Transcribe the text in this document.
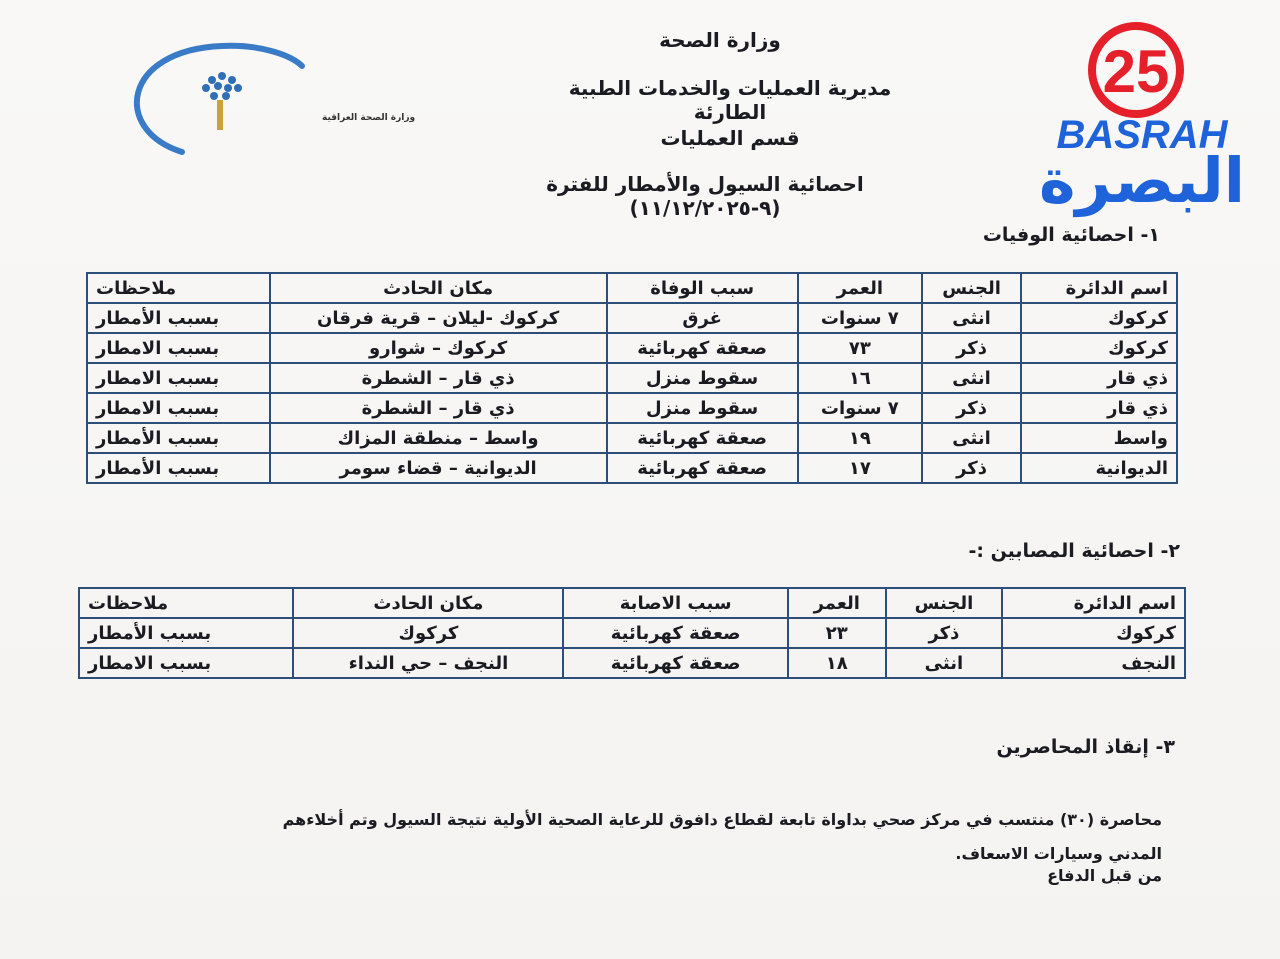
وزارة الصحة العراقية
وزارة الصحة
مديرية العمليات والخدمات الطبية الطارئة
قسم العمليات
احصائية السيول والأمطار للفترة (٩-١١/١٢/٢٠٢٥)
25
BASRAH
البصرة
١- احصائية الوفيات
اسم الدائرة	الجنس	العمر	سبب الوفاة	مكان الحادث	ملاحظات
كركوك	انثى	٧ سنوات	غرق	كركوك -ليلان – قرية فرقان	بسبب الأمطار
كركوك	ذكر	٧٣	صعقة كهربائية	كركوك – شوارو	بسبب الامطار
ذي قار	انثى	١٦	سقوط منزل	ذي قار – الشطرة	بسبب الامطار
ذي قار	ذكر	٧ سنوات	سقوط منزل	ذي قار – الشطرة	بسبب الامطار
واسط	انثى	١٩	صعقة كهربائية	واسط – منطقة المزاك	بسبب الأمطار
الديوانية	ذكر	١٧	صعقة كهربائية	الديوانية – قضاء سومر	بسبب الأمطار
٢- احصائية المصابين :-
اسم الدائرة	الجنس	العمر	سبب الاصابة	مكان الحادث	ملاحظات
كركوك	ذكر	٢٣	صعقة كهربائية	كركوك	بسبب الأمطار
النجف	انثى	١٨	صعقة كهربائية	النجف – حي النداء	بسبب الامطار
٣- إنقاذ المحاصرين
محاصرة (٣٠) منتسب في مركز صحي بداواة تابعة لقطاع دافوق للرعاية الصحية الأولية نتيجة السيول وتم أخلاءهم من قبل الدفاع
المدني وسيارات الاسعاف.
